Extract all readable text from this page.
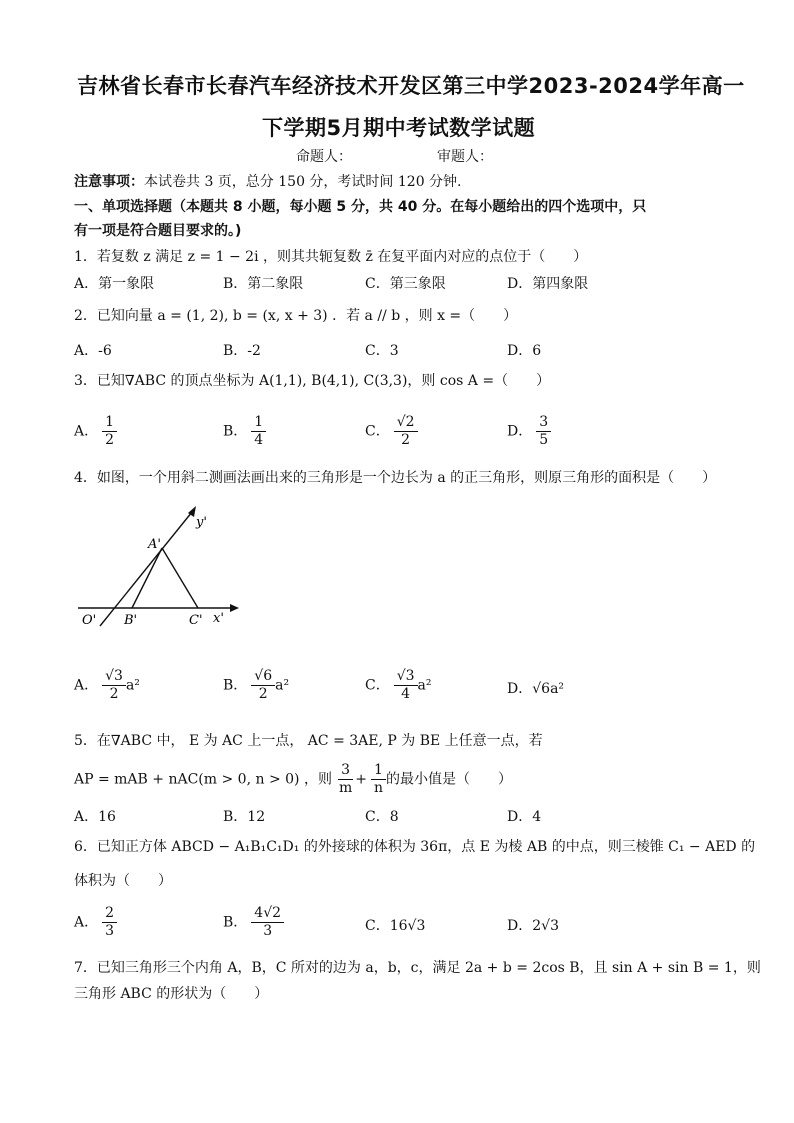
吉林省长春市长春汽车经济技术开发区第三中学2023-2024学年高一
下学期5月期中考试数学试题
命题人：	审题人：
注意事项：本试卷共 3 页，总分 150 分，考试时间 120 分钟.
一、单项选择题（本题共 8 小题，每小题 5 分，共 40 分。在每小题给出的四个选项中，只
有一项是符合题目要求的。)
1．若复数 z 满足 z = 1 − 2i ，则其共轭复数 z̄ 在复平面内对应的点位于（　　）
A．第一象限	B．第二象限	C．第三象限	D．第四象限
2．已知向量 a = (1, 2), b = (x, x + 3) ．若 a // b ，则 x =（　　）
A．-6	B．-2	C．3	D．6
3．已知∇ABC 的顶点坐标为 A(1,1), B(4,1), C(3,3)，则 cos A =（　　）
A． $\frac{1}{2}$	B． $\frac{1}{4}$	C． $\frac{√2}{2}$	D． $\frac{3}{5}$
4．如图，一个用斜二测画法画出来的三角形是一个边长为 a 的正三角形，则原三角形的面积是（　　）
y'
A'
O' B'	C' x'
A． $\frac{√3}{2} a^2$	B． $\frac{√6}{2} a^2$	C． $\frac{√3}{4} a^2$	D．√6a²
5．在∇ABC 中， E 为 AC 上一点， AC = 3AE, P 为 BE 上任意一点，若
AP = mAB + nAC(m > 0, n > 0) ，则 $\frac{3}{m} + \frac{1}{n}$ 的最小值是（　　）
A．16	B．12	C．8	D．4
6．已知正方体 ABCD − A₁B₁C₁D₁ 的外接球的体积为 36π，点 E 为棱 AB 的中点，则三棱锥 C₁ − AED 的
体积为（　　）
A． $\frac{2}{3}$	B． $\frac{4√2}{3}$	C．16√3	D．2√3
7．已知三角形三个内角 A，B，C 所对的边为 a，b，c，满足 2a + b = 2cos B，且 sin A + sin B = 1，则
三角形 ABC 的形状为（　　）
